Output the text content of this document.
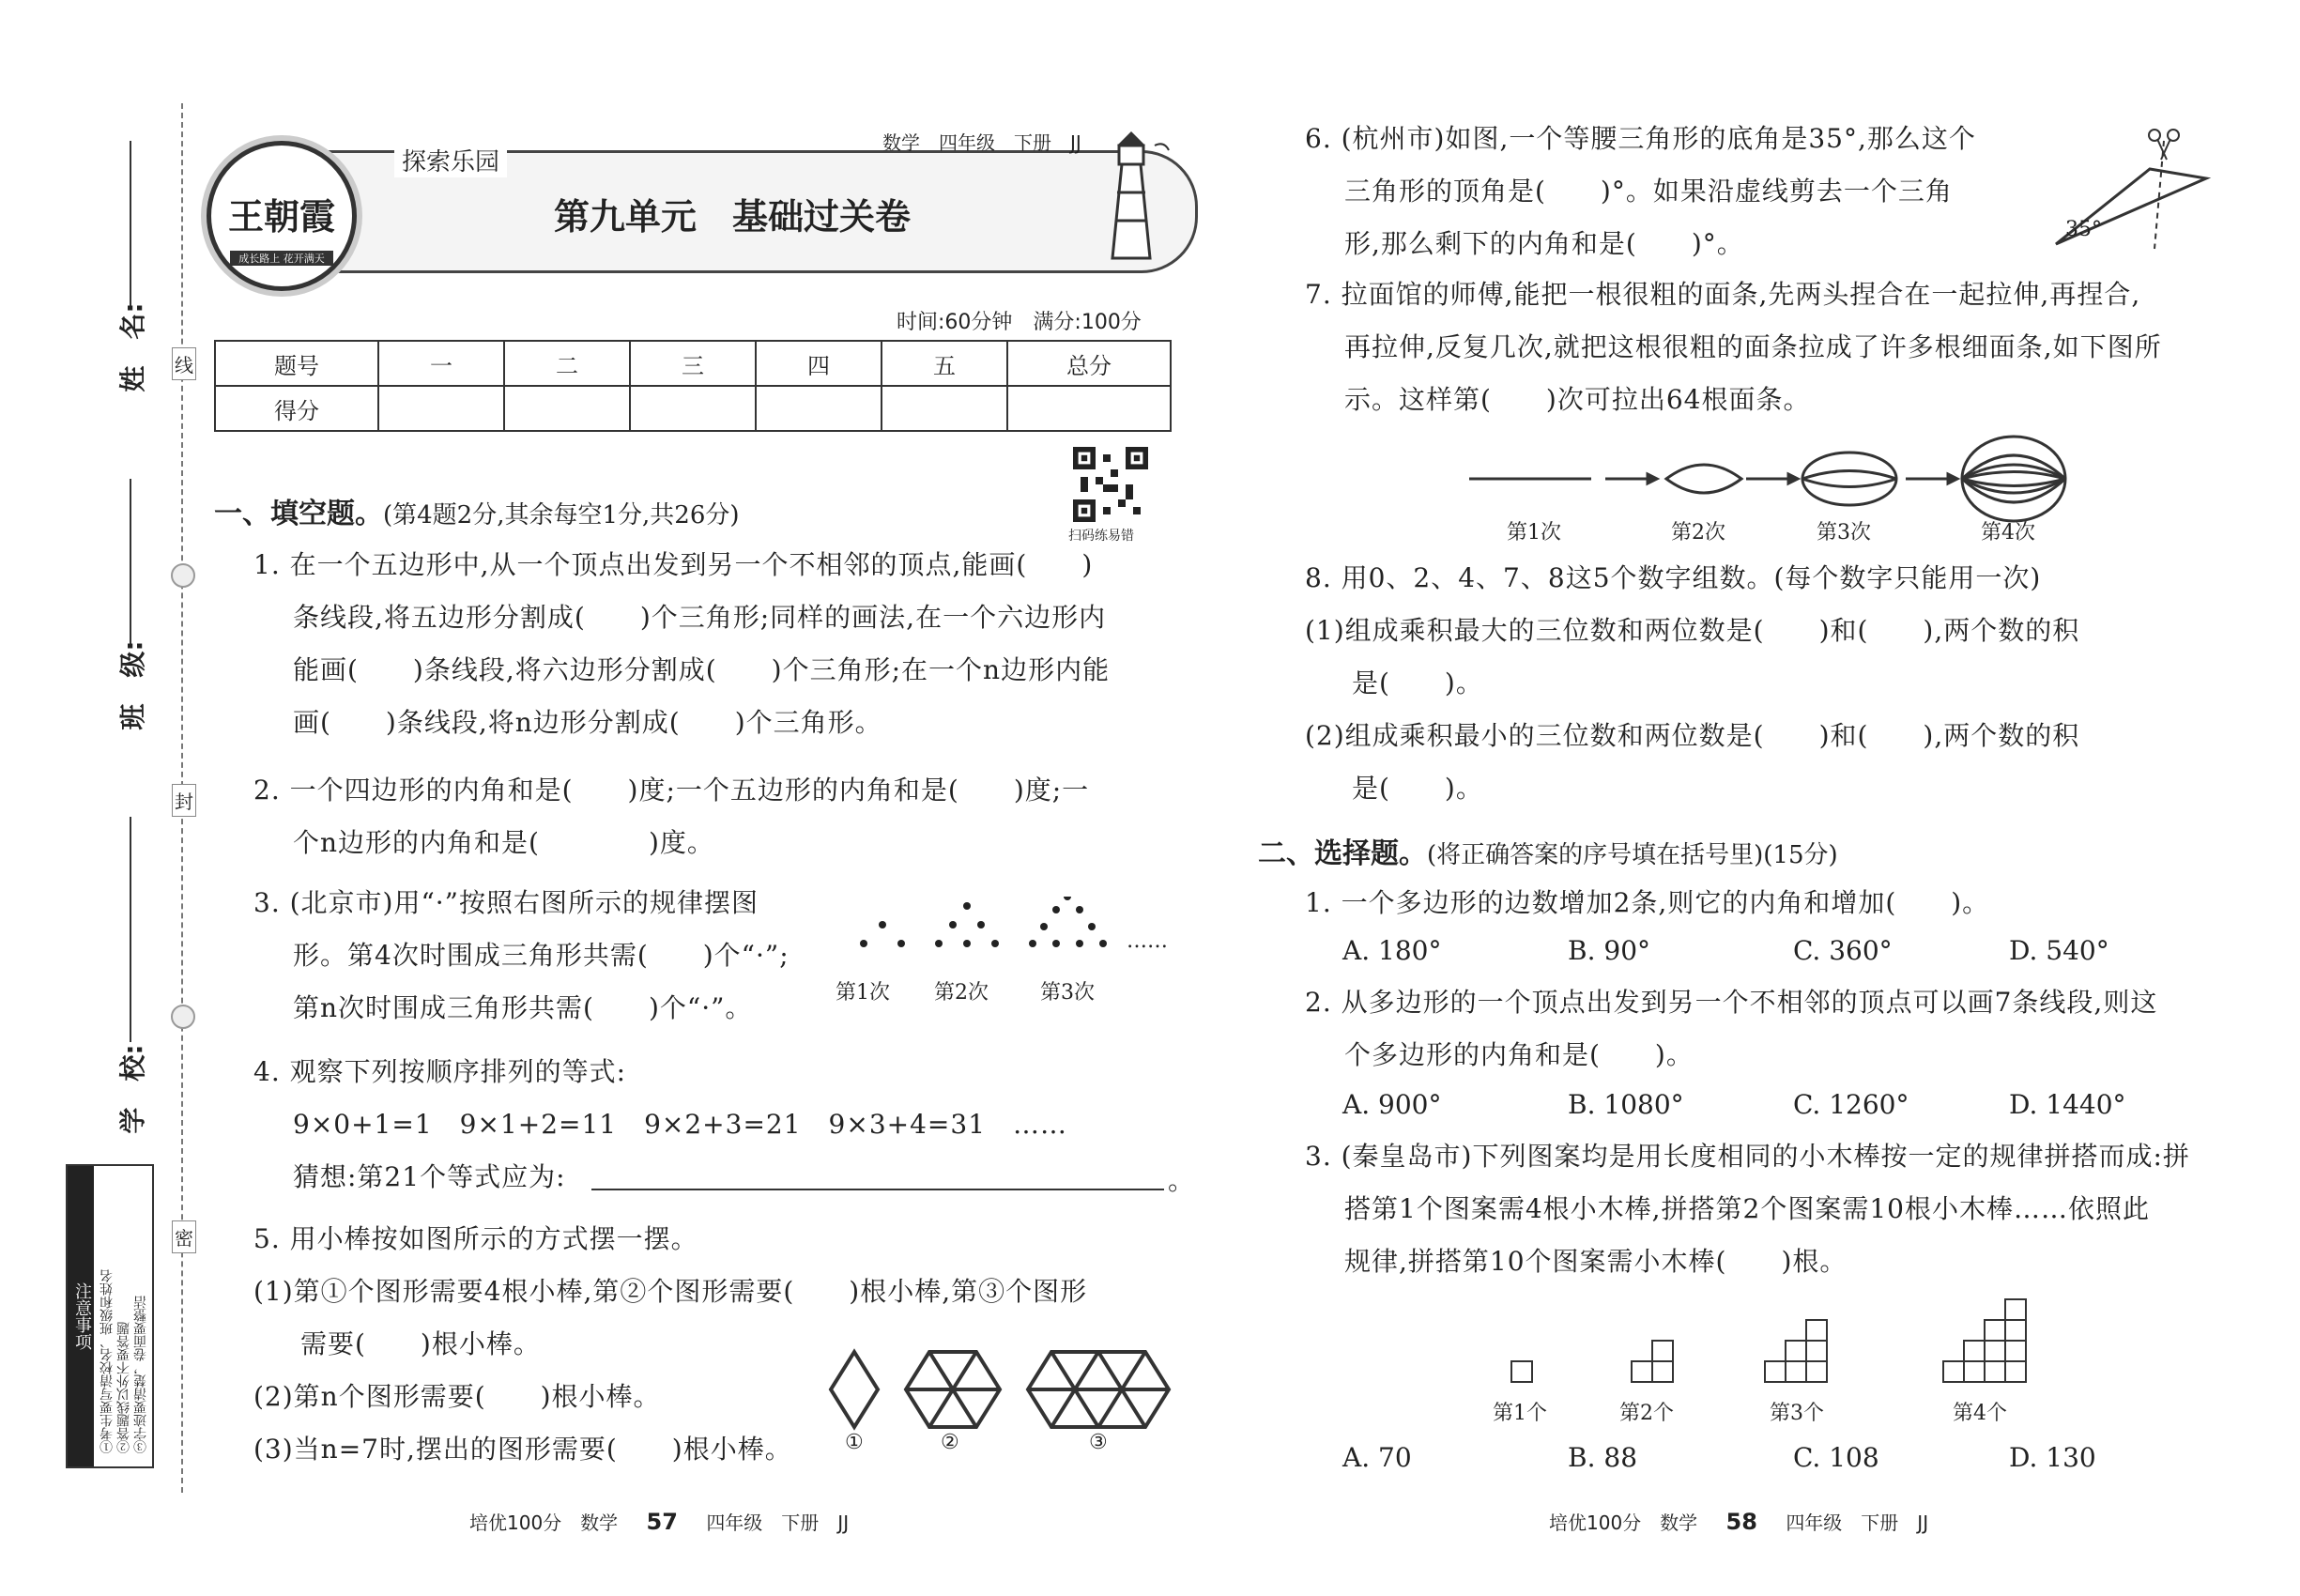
线
封
密
姓　名:
班　级:
学　校:
注意事项 ①考生要写清校名、班级和姓名 ②答题线以外不要答题 ③字迹要清楚，卷面要整洁
王朝霞
成长路上 花开满天
探索乐园
数学　四年级　下册　JJ
第九单元　基础过关卷
时间:60分钟　满分:100分
题号	一	二	三	四	五	总分
得分						
扫码练易错
一、填空题。(第4题2分,其余每空1分,共26分)
1. 在一个五边形中,从一个顶点出发到另一个不相邻的顶点,能画(　　)
条线段,将五边形分割成(　　)个三角形;同样的画法,在一个六边形内
能画(　　)条线段,将六边形分割成(　　)个三角形;在一个n边形内能
画(　　)条线段,将n边形分割成(　　)个三角形。
2. 一个四边形的内角和是(　　)度;一个五边形的内角和是(　　)度;一
个n边形的内角和是(　　　　)度。
3. (北京市)用“·”按照右图所示的规律摆图
形。第4次时围成三角形共需(　　)个“·”;
第n次时围成三角形共需(　　)个“·”。	第1次 第2次	第3次
……
4. 观察下列按顺序排列的等式:
9×0+1=1　9×1+2=11　9×2+3=21　9×3+4=31　……
猜想:第21个等式应为:	。
5. 用小棒按如图所示的方式摆一摆。
(1)第①个图形需要4根小棒,第②个图形需要(　　)根小棒,第③个图形
需要(　　)根小棒。
(2)第n个图形需要(　　)根小棒。
(3)当n=7时,摆出的图形需要(　　)根小棒。	①	②	③
培优100分　数学 57 四年级　下册　JJ
6. (杭州市)如图,一个等腰三角形的底角是35°,那么这个
三角形的顶角是(　　)°。如果沿虚线剪去一个三角
形,那么剩下的内角和是(　　)°。	35°
7. 拉面馆的师傅,能把一根很粗的面条,先两头捏合在一起拉伸,再捏合,
再拉伸,反复几次,就把这根很粗的面条拉成了许多根细面条,如下图所
示。这样第(　　)次可拉出64根面条。
第1次	第2次	第3次	第4次
8. 用0、2、4、7、8这5个数字组数。(每个数字只能用一次)
(1)组成乘积最大的三位数和两位数是(　　)和(　　),两个数的积
是(　　)。
(2)组成乘积最小的三位数和两位数是(　　)和(　　),两个数的积
是(　　)。
二、选择题。(将正确答案的序号填在括号里)(15分)
1. 一个多边形的边数增加2条,则它的内角和增加(　　)。
A. 180°	B. 90°	C. 360°	D. 540°
2. 从多边形的一个顶点出发到另一个不相邻的顶点可以画7条线段,则这
个多边形的内角和是(　　)。
A. 900°	B. 1080°	C. 1260°	D. 1440°
3. (秦皇岛市)下列图案均是用长度相同的小木棒按一定的规律拼搭而成:拼
搭第1个图案需4根小木棒,拼搭第2个图案需10根小木棒……依照此
规律,拼搭第10个图案需小木棒(　　)根。
第1个	第2个	第3个	第4个
A. 70	B. 88	C. 108	D. 130
培优100分　数学 58 四年级　下册　JJ
